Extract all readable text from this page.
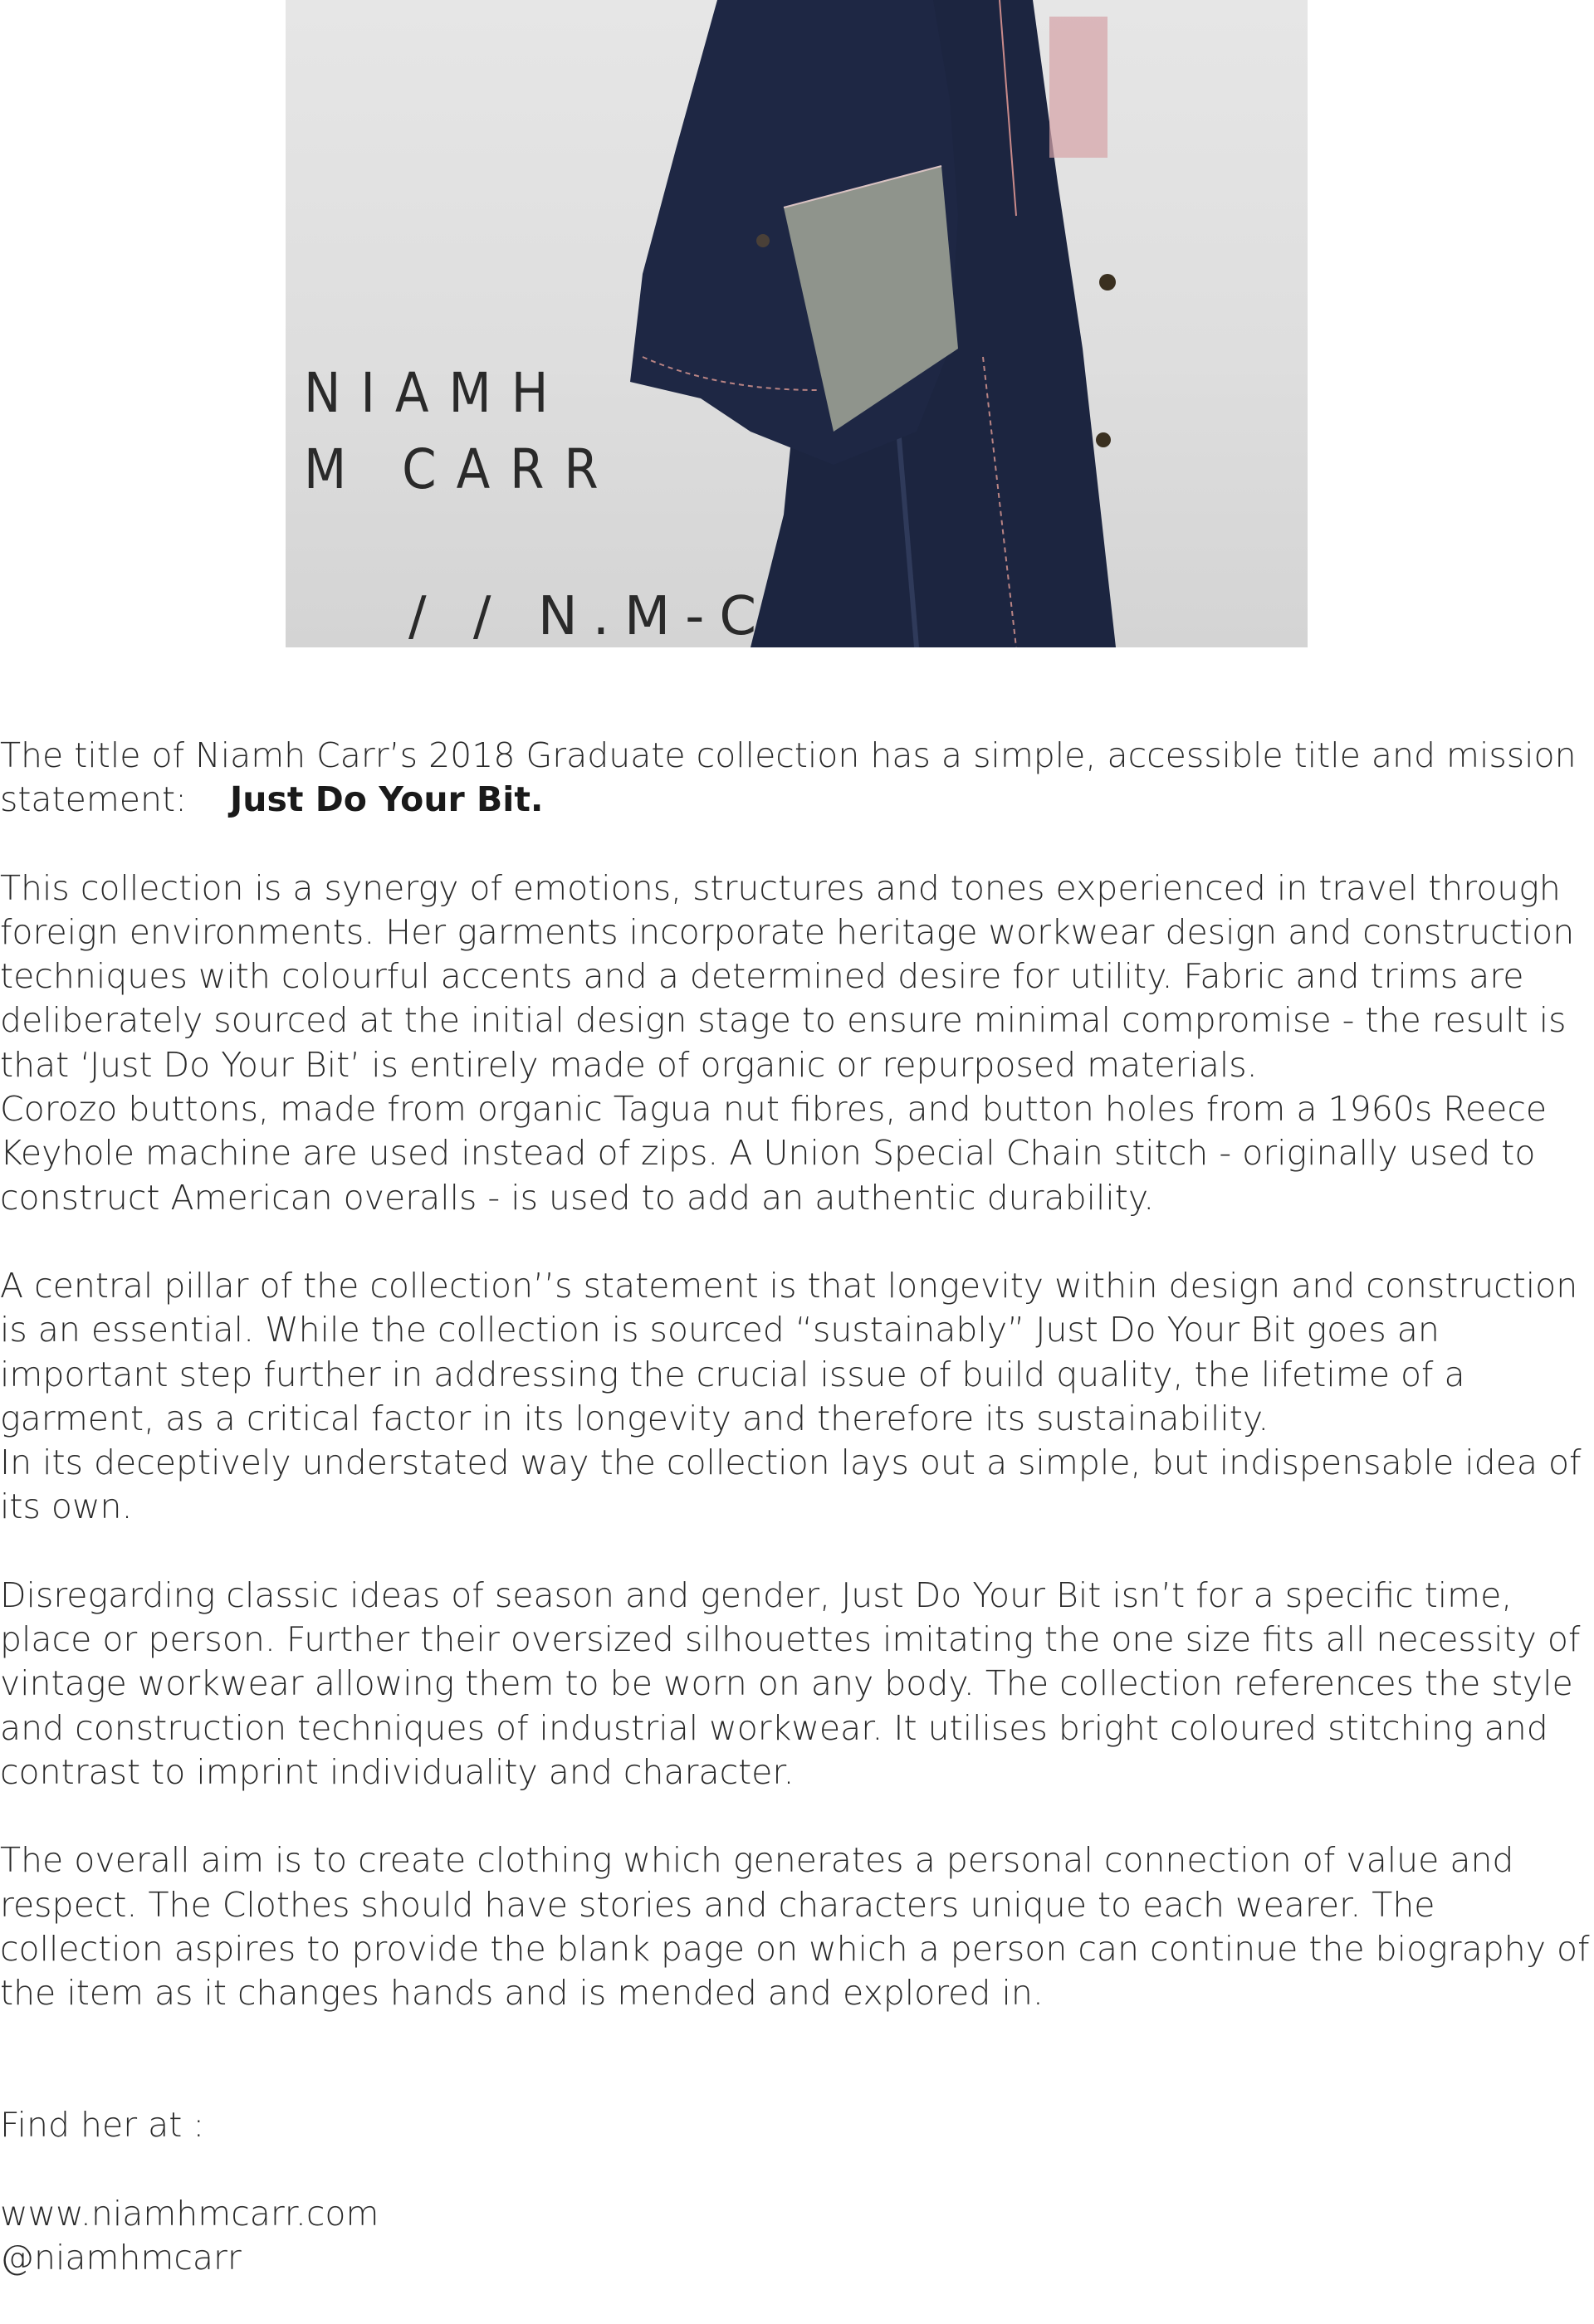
NIAMH
M CARR
/ / N.M-C

The title of Niamh Carr’s 2018 Graduate collection has a simple, accessible title and mission statement: Just Do Your Bit.

This collection is a synergy of emotions, structures and tones experienced in travel through foreign environments. Her garments incorporate heritage workwear design and construction techniques with colourful accents and a determined desire for utility. Fabric and trims are deliberately sourced at the initial design stage to ensure minimal compromise - the result is that ‘Just Do Your Bit’ is entirely made of organic or repurposed materials.
Corozo buttons, made from organic Tagua nut fibres, and button holes from a 1960s Reece Keyhole machine are used instead of zips. A Union Special Chain stitch - originally used to construct American overalls - is used to add an authentic durability.
A central pillar of the collection’’s statement is that longevity within design and construction is an essential. While the collection is sourced “sustainably” Just Do Your Bit goes an important step further in addressing the crucial issue of build quality, the lifetime of a garment, as a critical factor in its longevity and therefore its sustainability.
In its deceptively understated way the collection lays out a simple, but indispensable idea of its own.

Disregarding classic ideas of season and gender, Just Do Your Bit isn’t for a specific time, place or person. Further their oversized silhouettes imitating the one size fits all necessity of vintage workwear allowing them to be worn on any body. The collection references the style and construction techniques of industrial workwear. It utilises bright coloured stitching and contrast to imprint individuality and character.

The overall aim is to create clothing which generates a personal connection of value and respect. The Clothes should have stories and characters unique to each wearer. The collection aspires to provide the blank page on which a person can continue the biography of the item as it changes hands and is mended and explored in.

Find her at :
www.niamhmcarr.com
@niamhmcarr
